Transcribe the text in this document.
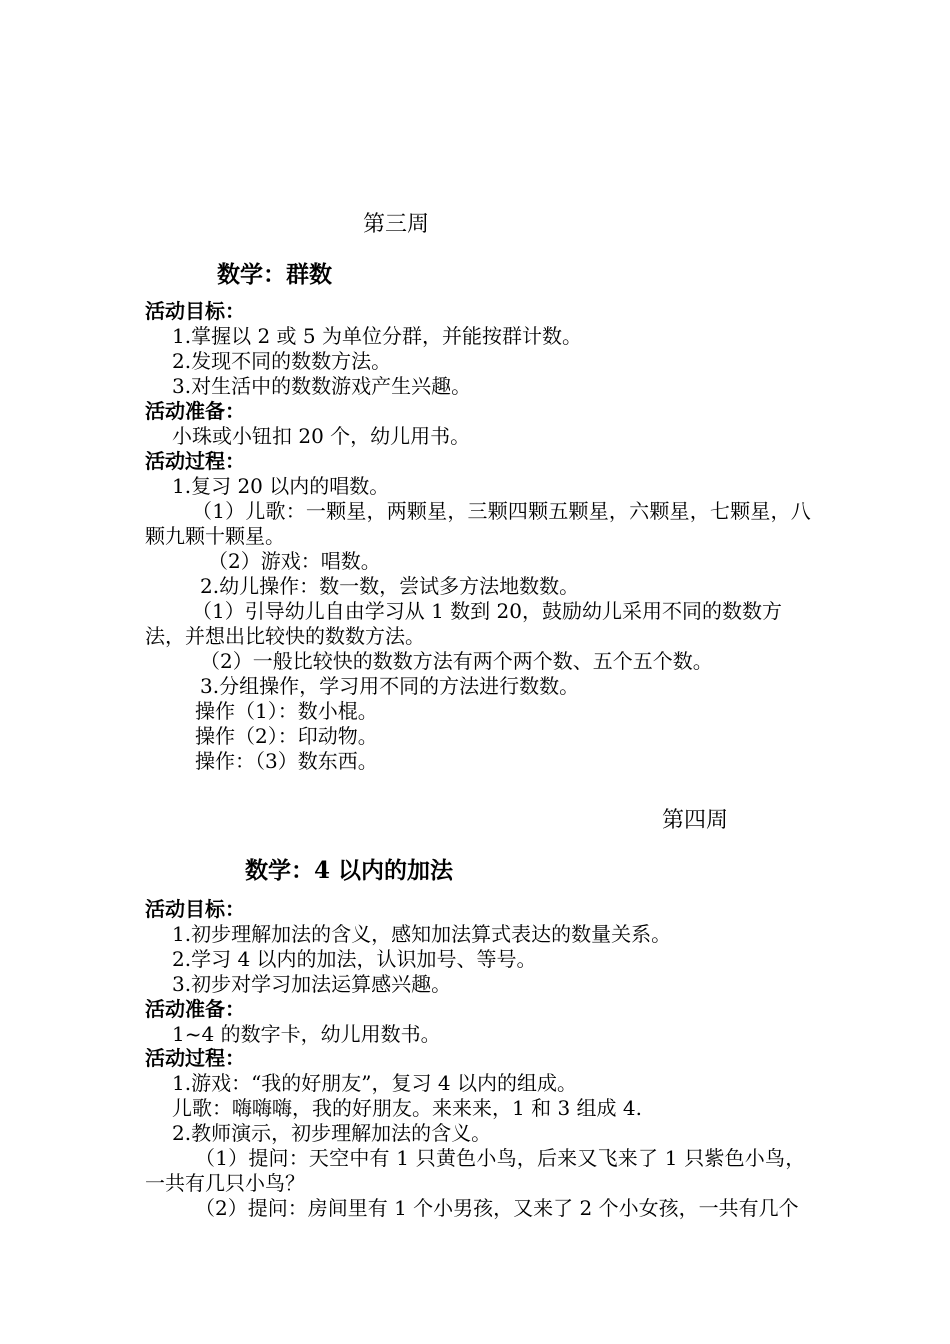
第三周
数学：群数
活动目标：
1.掌握以 2 或 5 为单位分群，并能按群计数。
2.发现不同的数数方法。
3.对生活中的数数游戏产生兴趣。
活动准备：
小珠或小钮扣 20 个，幼儿用书。
活动过程：
1.复习 20 以内的唱数。
（1）儿歌：一颗星，两颗星，三颗四颗五颗星，六颗星，七颗星，八
颗九颗十颗星。
（2）游戏：唱数。
2.幼儿操作：数一数，尝试多方法地数数。
（1）引导幼儿自由学习从 1 数到 20，鼓励幼儿采用不同的数数方
法，并想出比较快的数数方法。
（2）一般比较快的数数方法有两个两个数、五个五个数。
3.分组操作，学习用不同的方法进行数数。
操作（1）：数小棍。
操作（2）：印动物。
操作：（3）数东西。
第四周
数学：4 以内的加法
活动目标：
1.初步理解加法的含义，感知加法算式表达的数量关系。
2.学习 4 以内的加法，认识加号、等号。
3.初步对学习加法运算感兴趣。
活动准备：
1~4 的数字卡，幼儿用数书。
活动过程：
1.游戏：“我的好朋友”，复习 4 以内的组成。
儿歌：嗨嗨嗨，我的好朋友。来来来，1 和 3 组成 4.
2.教师演示，初步理解加法的含义。
（1）提问：天空中有 1 只黄色小鸟，后来又飞来了 1 只紫色小鸟，
一共有几只小鸟？
（2）提问：房间里有 1 个小男孩，又来了 2 个小女孩，一共有几个
